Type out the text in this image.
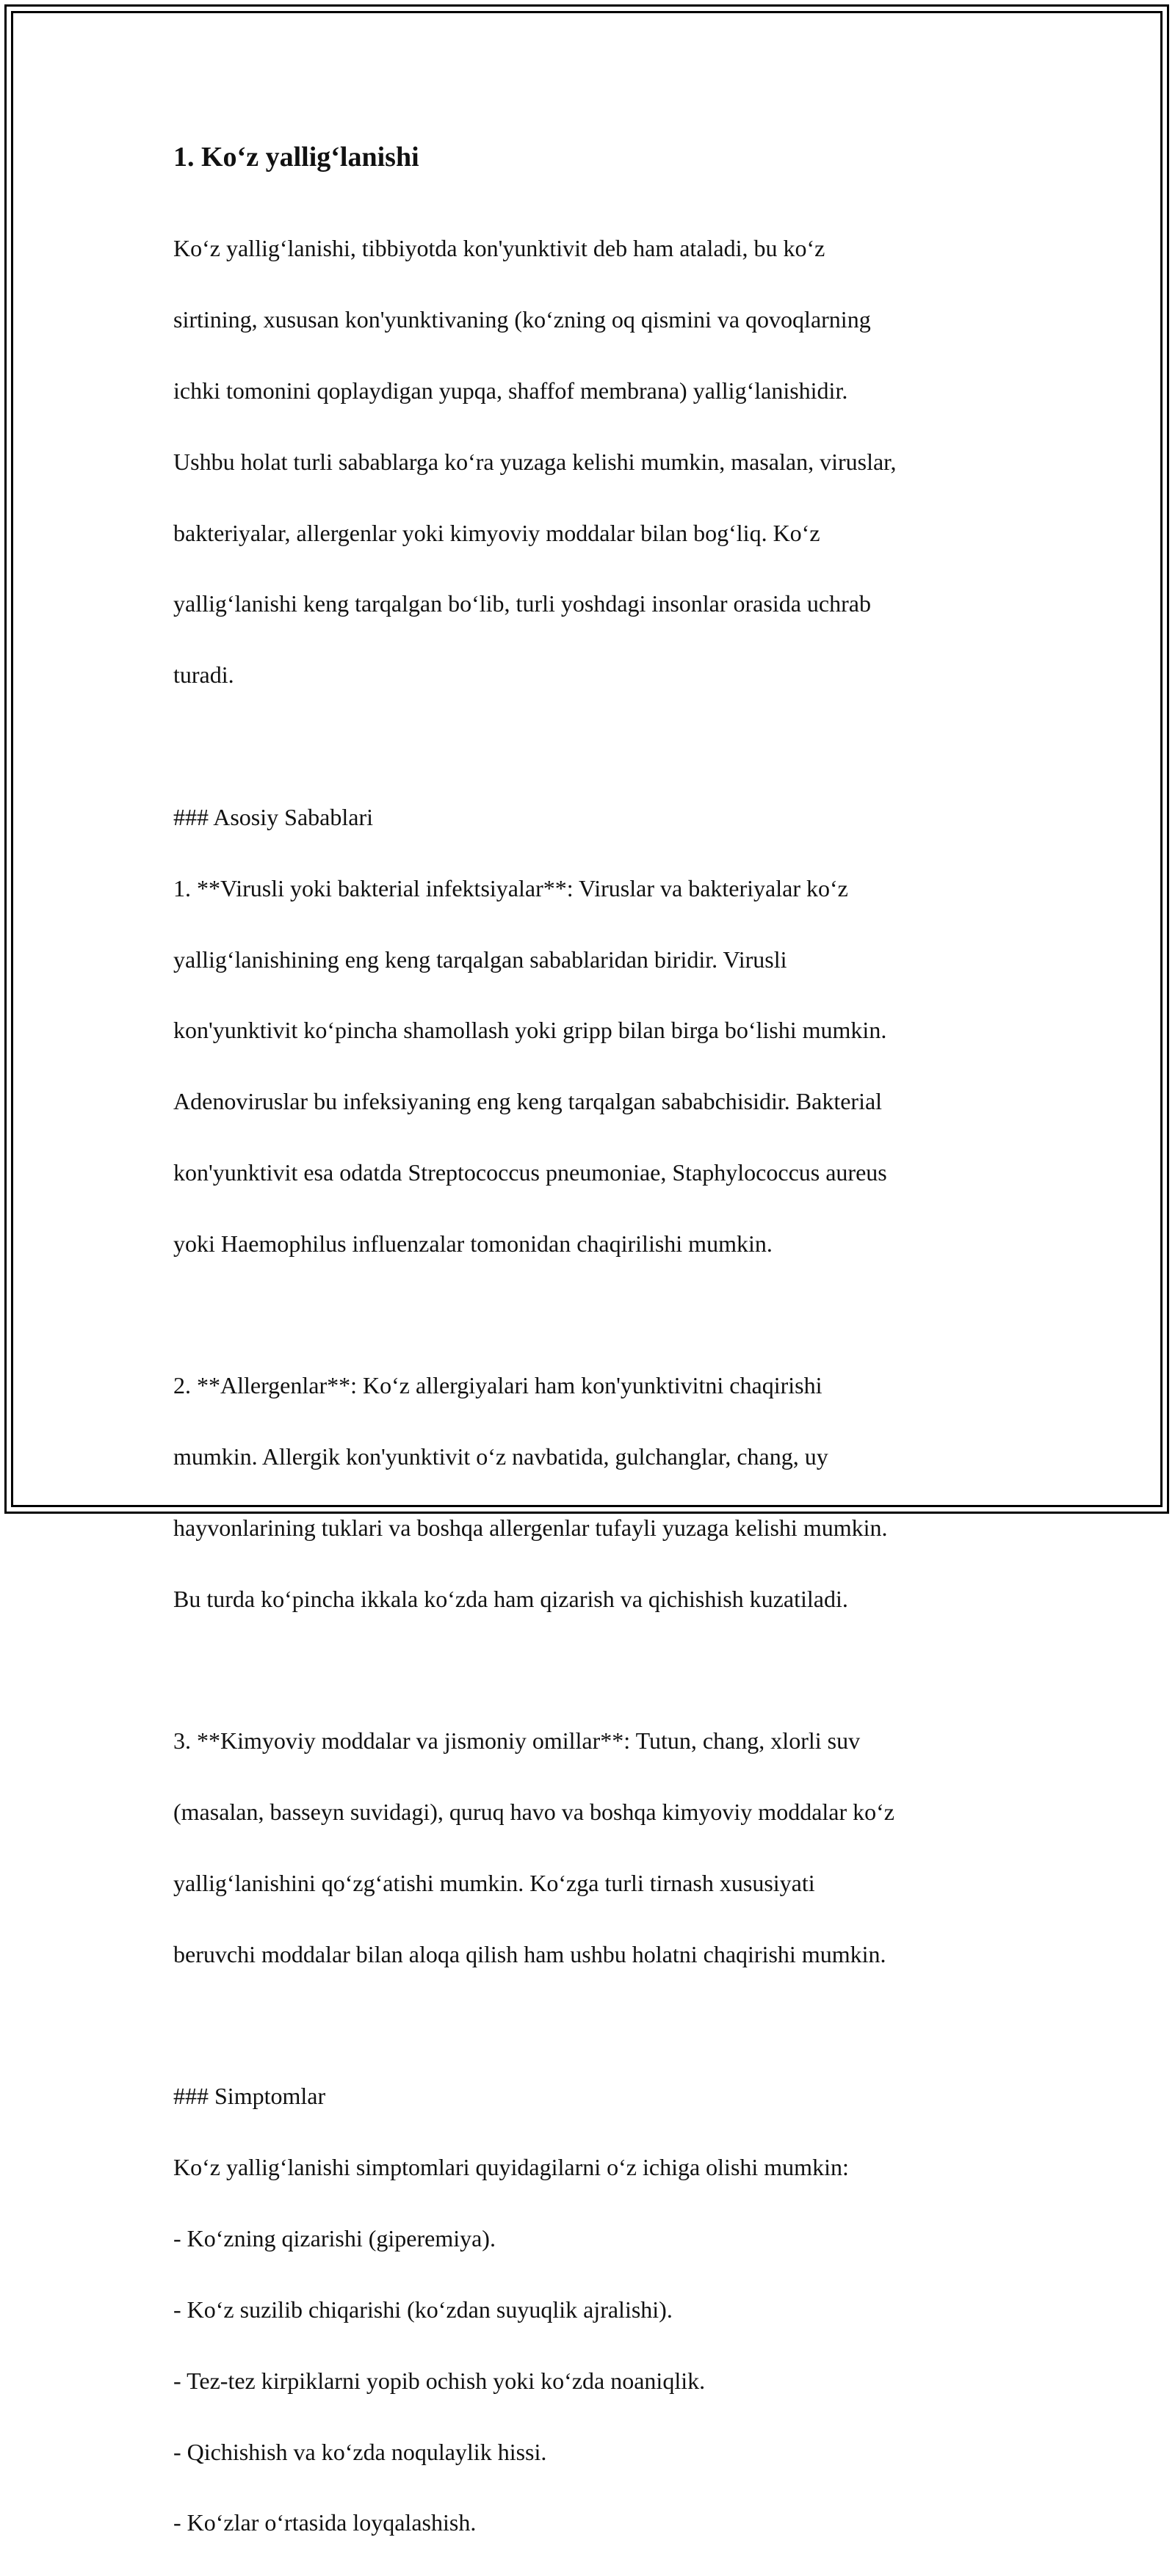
1. Ko‘z yallig‘lanishi

Ko‘z yallig‘lanishi, tibbiyotda kon'yunktivit deb ham ataladi, bu ko‘z

sirtining, xususan kon'yunktivaning (ko‘zning oq qismini va qovoqlarning

ichki tomonini qoplaydigan yupqa, shaffof membrana) yallig‘lanishidir.

Ushbu holat turli sabablarga ko‘ra yuzaga kelishi mumkin, masalan, viruslar,

bakteriyalar, allergenlar yoki kimyoviy moddalar bilan bog‘liq. Ko‘z

yallig‘lanishi keng tarqalgan bo‘lib, turli yoshdagi insonlar orasida uchrab

turadi.

### Asosiy Sabablari

1. **Virusli yoki bakterial infektsiyalar**: Viruslar va bakteriyalar ko‘z

yallig‘lanishining eng keng tarqalgan sabablaridan biridir. Virusli

kon'yunktivit ko‘pincha shamollash yoki gripp bilan birga bo‘lishi mumkin.

Adenoviruslar bu infeksiyaning eng keng tarqalgan sababchisidir. Bakterial

kon'yunktivit esa odatda Streptococcus pneumoniae, Staphylococcus aureus

yoki Haemophilus influenzalar tomonidan chaqirilishi mumkin.

2. **Allergenlar**: Ko‘z allergiyalari ham kon'yunktivitni chaqirishi

mumkin. Allergik kon'yunktivit o‘z navbatida, gulchanglar, chang, uy

hayvonlarining tuklari va boshqa allergenlar tufayli yuzaga kelishi mumkin.

Bu turda ko‘pincha ikkala ko‘zda ham qizarish va qichishish kuzatiladi.

3. **Kimyoviy moddalar va jismoniy omillar**: Tutun, chang, xlorli suv

(masalan, basseyn suvidagi), quruq havo va boshqa kimyoviy moddalar ko‘z

yallig‘lanishini qo‘zg‘atishi mumkin. Ko‘zga turli tirnash xususiyati

beruvchi moddalar bilan aloqa qilish ham ushbu holatni chaqirishi mumkin.

### Simptomlar

Ko‘z yallig‘lanishi simptomlari quyidagilarni o‘z ichiga olishi mumkin:

- Ko‘zning qizarishi (giperemiya).

- Ko‘z suzilib chiqarishi (ko‘zdan suyuqlik ajralishi).

- Tez-tez kirpiklarni yopib ochish yoki ko‘zda noaniqlik.

- Qichishish va ko‘zda noqulaylik hissi.

- Ko‘zlar o‘rtasida loyqalashish.
